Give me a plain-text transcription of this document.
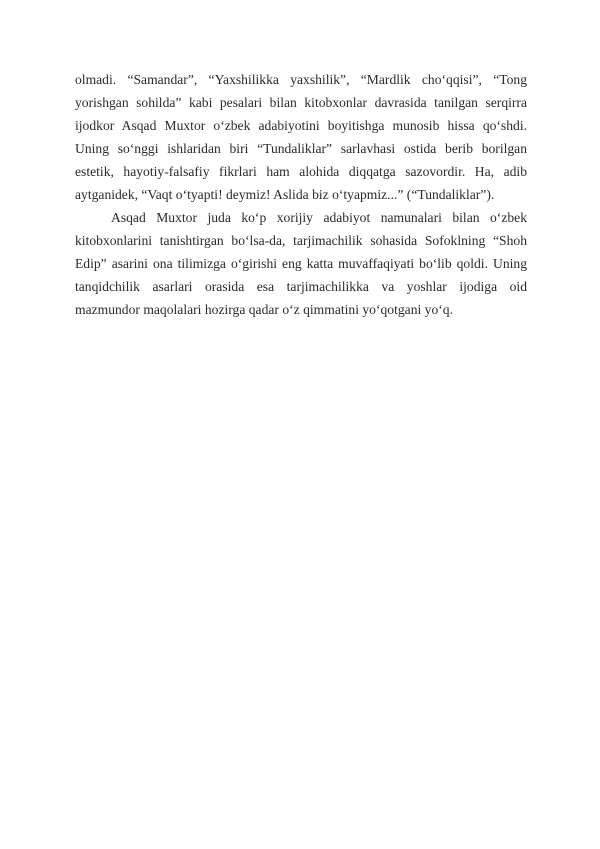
olmadi. “Samandar”, “Yaxshilikka yaxshilik”, “Mardlik cho‘qqisi”, “Tong
yorishgan sohilda” kabi pesalari bilan kitobxonlar davrasida tanilgan serqirra
ijodkor Asqad Muxtor o‘zbek adabiyotini boyitishga munosib hissa qo‘shdi.
Uning so‘nggi ishlaridan biri “Tundaliklar” sarlavhasi ostida berib borilgan
estetik, hayotiy-falsafiy fikrlari ham alohida diqqatga sazovordir. Ha, adib
aytganidek, “Vaqt o‘tyapti! deymiz! Aslida biz o‘tyapmiz...” (“Tundaliklar”).

Asqad Muxtor juda ko‘p xorijiy adabiyot namunalari bilan o‘zbek
kitobxonlarini tanishtirgan bo‘lsa-da, tarjimachilik sohasida Sofoklning “Shoh
Edip” asarini ona tilimizga o‘girishi eng katta muvaffaqiyati bo‘lib qoldi. Uning
tanqidchilik asarlari orasida esa tarjimachilikka va yoshlar ijodiga oid
mazmundor maqolalari hozirga qadar o‘z qimmatini yo‘qotgani yo‘q.
